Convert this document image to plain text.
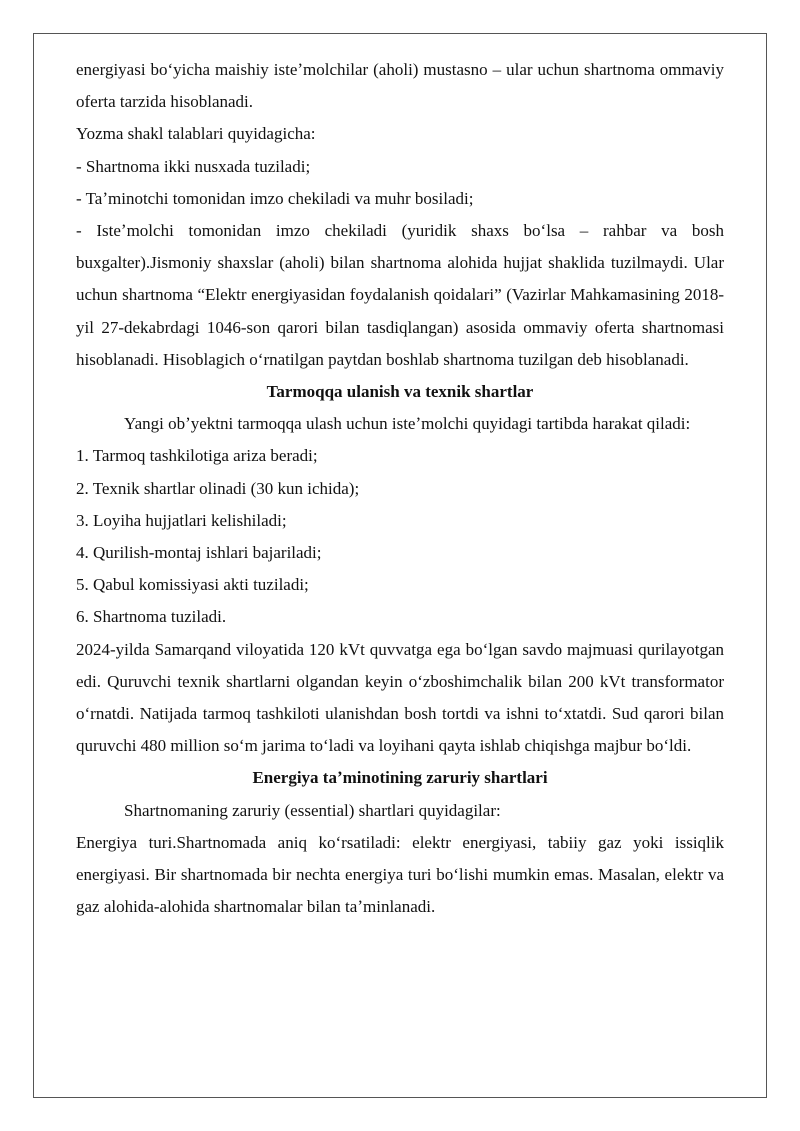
energiyasi boʻyicha maishiy isteʼmolchilar (aholi) mustasno – ular uchun shartnoma ommaviy oferta tarzida hisoblanadi.

Yozma shakl talablari quyidagicha:

- Shartnoma ikki nusxada tuziladi;

- Taʼminotchi tomonidan imzo chekiladi va muhr bosiladi;

- Isteʼmolchi tomonidan imzo chekiladi (yuridik shaxs boʻlsa – rahbar va bosh buxgalter).Jismoniy shaxslar (aholi) bilan shartnoma alohida hujjat shaklida tuzilmaydi. Ular uchun shartnoma “Elektr energiyasidan foydalanish qoidalari” (Vazirlar Mahkamasining 2018-yil 27-dekabrdagi 1046-son qarori bilan tasdiqlangan) asosida ommaviy oferta shartnomasi hisoblanadi. Hisoblagich oʻrnatilgan paytdan boshlab shartnoma tuzilgan deb hisoblanadi.

Tarmoqqa ulanish va texnik shartlar

Yangi obʼyektni tarmoqqa ulash uchun isteʼmolchi quyidagi tartibda harakat qiladi:

1. Tarmoq tashkilotiga ariza beradi;

2. Texnik shartlar olinadi (30 kun ichida);

3. Loyiha hujjatlari kelishiladi;

4. Qurilish-montaj ishlari bajariladi;

5. Qabul komissiyasi akti tuziladi;

6. Shartnoma tuziladi.

2024-yilda Samarqand viloyatida 120 kVt quvvatga ega boʻlgan savdo majmuasi qurilayotgan edi. Quruvchi texnik shartlarni olgandan keyin oʻzboshimchalik bilan 200 kVt transformator oʻrnatdi. Natijada tarmoq tashkiloti ulanishdan bosh tortdi va ishni toʻxtatdi. Sud qarori bilan quruvchi 480 million soʻm jarima toʻladi va loyihani qayta ishlab chiqishga majbur boʻldi.

Energiya taʼminotining zaruriy shartlari

Shartnomaning zaruriy (essential) shartlari quyidagilar:

Energiya turi.Shartnomada aniq koʻrsatiladi: elektr energiyasi, tabiiy gaz yoki issiqlik energiyasi. Bir shartnomada bir nechta energiya turi boʻlishi mumkin emas. Masalan, elektr va gaz alohida-alohida shartnomalar bilan taʼminlanadi.
